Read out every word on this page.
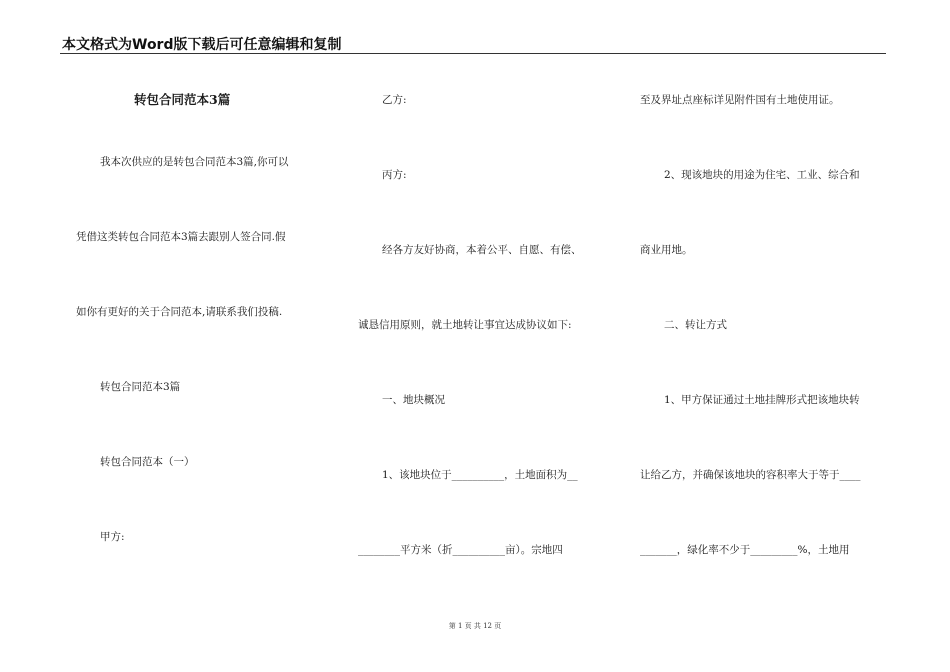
本文格式为Word版下载后可任意编辑和复制
转包合同范本3篇
我本次供应的是转包合同范本3篇,你可以
凭借这类转包合同范本3篇去跟别人签合同.假
如你有更好的关于合同范本,请联系我们投稿.
转包合同范本3篇
转包合同范本（一）
甲方:
乙方:
丙方:
经各方友好协商，本着公平、自愿、有偿、
诚恳信用原则，就土地转让事宜达成协议如下:
一、地块概况
1、该地块位于__________，土地面积为__
________平方米（折__________亩）。宗地四
至及界址点座标详见附件国有土地使用证。
2、现该地块的用途为住宅、工业、综合和
商业用地。
二、转让方式
1、甲方保证通过土地挂牌形式把该地块转
让给乙方，并确保该地块的容积率大于等于____
_______，绿化率不少于_________%，土地用
第 1 页 共 12 页
